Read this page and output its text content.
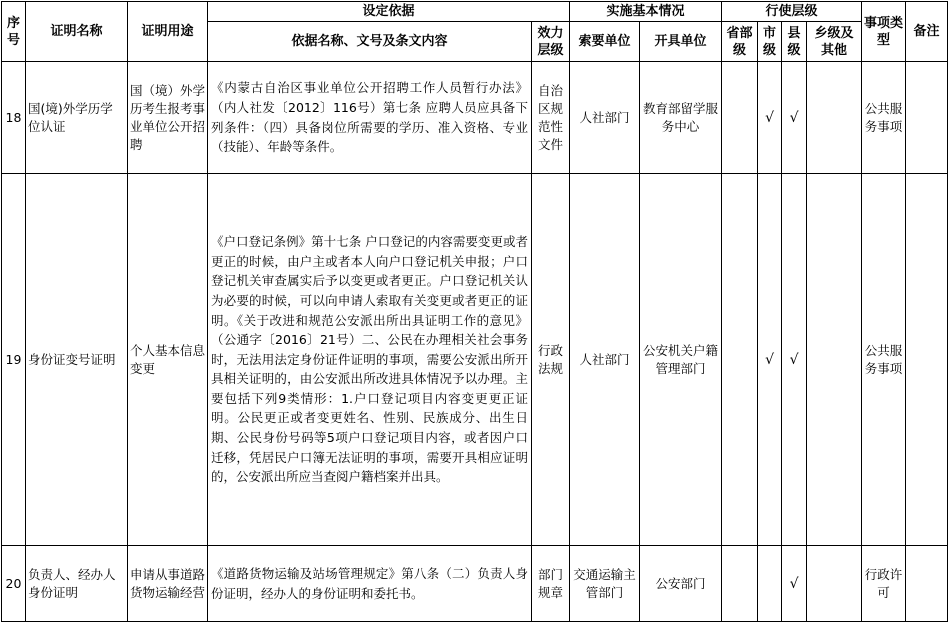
序号	证明名称	证明用途	设定依据		实施基本情况		行使层级				事项类型	备注
			依据名称、文号及条文内容	效力层级	索要单位	开具单位	省部级	市级	县级	乡级及其他		
18	国(境)外学历学位认证	国（境）外学历考生报考事业单位公开招聘	《内蒙古自治区事业单位公开招聘工作人员暂行办法》（内人社发〔2012〕116号）第七条 应聘人员应具备下列条件：（四）具备岗位所需要的学历、准入资格、专业（技能）、年龄等条件。	自治区规范性文件	人社部门	教育部留学服务中心		√	√		公共服务事项	
19	身份证变号证明	个人基本信息变更	《户口登记条例》第十七条 户口登记的内容需要变更或者更正的时候，由户主或者本人向户口登记机关申报；户口登记机关审查属实后予以变更或者更正。户口登记机关认为必要的时候，可以向申请人索取有关变更或者更正的证明。《关于改进和规范公安派出所出具证明工作的意见》（公通字〔2016〕21号）二、公民在办理相关社会事务时，无法用法定身份证件证明的事项，需要公安派出所开具相关证明的，由公安派出所改进具体情况予以办理。主要包括下列9类情形：1.户口登记项目内容变更更正证明。公民更正或者变更姓名、性别、民族成分、出生日期、公民身份号码等5项户口登记项目内容，或者因户口迁移，凭居民户口簿无法证明的事项，需要开具相应证明的，公安派出所应当查阅户籍档案并出具。	行政法规	人社部门	公安机关户籍管理部门		√	√		公共服务事项	
20	负责人、经办人身份证明	申请从事道路货物运输经营	《道路货物运输及站场管理规定》第八条（二）负责人身份证明，经办人的身份证明和委托书。	部门规章	交通运输主管部门	公安部门			√		行政许可	
